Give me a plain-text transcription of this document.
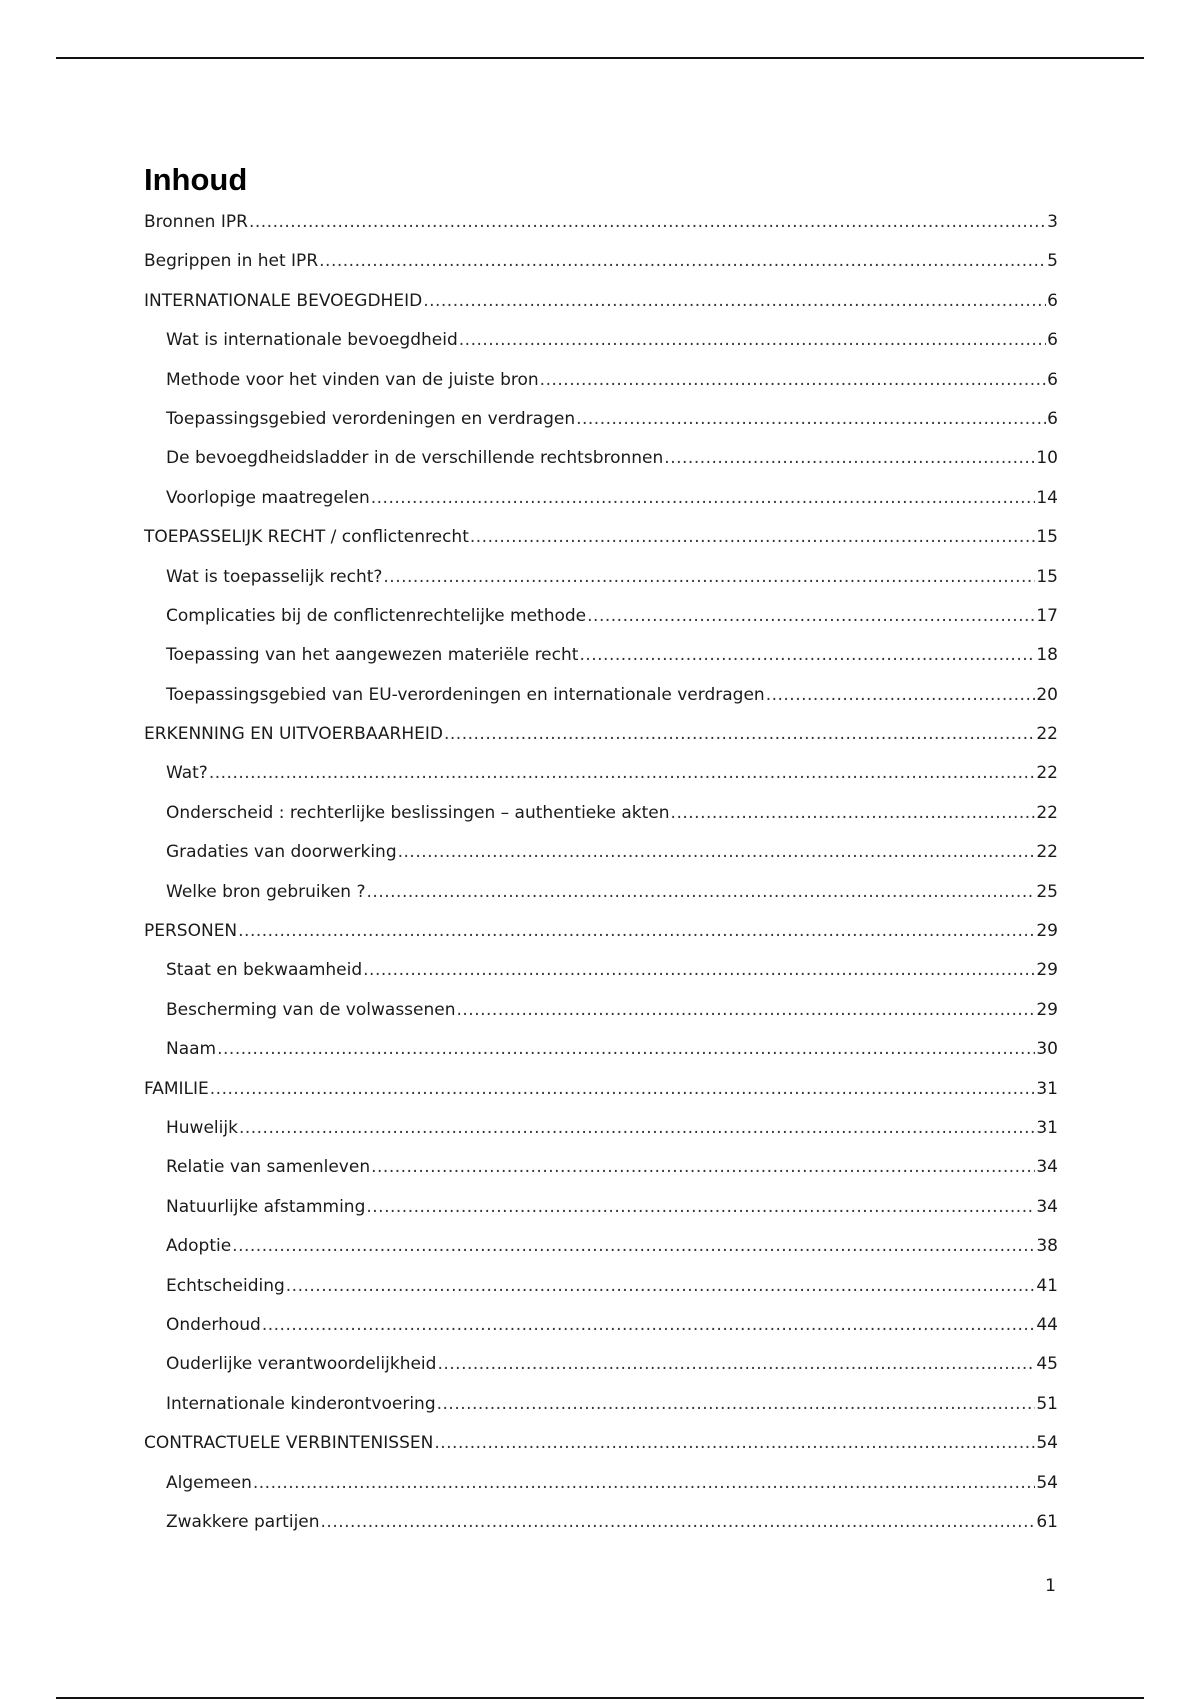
Inhoud
Bronnen IPR .....	3
Begrippen in het IPR .....	5
INTERNATIONALE BEVOEGDHEID .....	6
Wat is internationale bevoegdheid .....	6
Methode voor het vinden van de juiste bron .....	6
Toepassingsgebied verordeningen en verdragen .....	6
De bevoegdheidsladder in de verschillende rechtsbronnen .....	10
Voorlopige maatregelen .....	14
TOEPASSELIJK RECHT / conflictenrecht .....	15
Wat is toepasselijk recht? .....	15
Complicaties bij de conflictenrechtelijke methode .....	17
Toepassing van het aangewezen materiële recht .....	18
Toepassingsgebied van EU-verordeningen en internationale verdragen .....	20
ERKENNING EN UITVOERBAARHEID .....	22
Wat? .....	22
Onderscheid : rechterlijke beslissingen – authentieke akten .....	22
Gradaties van doorwerking .....	22
Welke bron gebruiken ? .....	25
PERSONEN .....	29
Staat en bekwaamheid .....	29
Bescherming van de volwassenen .....	29
Naam .....	30
FAMILIE .....	31
Huwelijk .....	31
Relatie van samenleven .....	34
Natuurlijke afstamming .....	34
Adoptie .....	38
Echtscheiding .....	41
Onderhoud .....	44
Ouderlijke verantwoordelijkheid .....	45
Internationale kinderontvoering .....	51
CONTRACTUELE VERBINTENISSEN .....	54
Algemeen .....	54
Zwakkere partijen .....	61
1
